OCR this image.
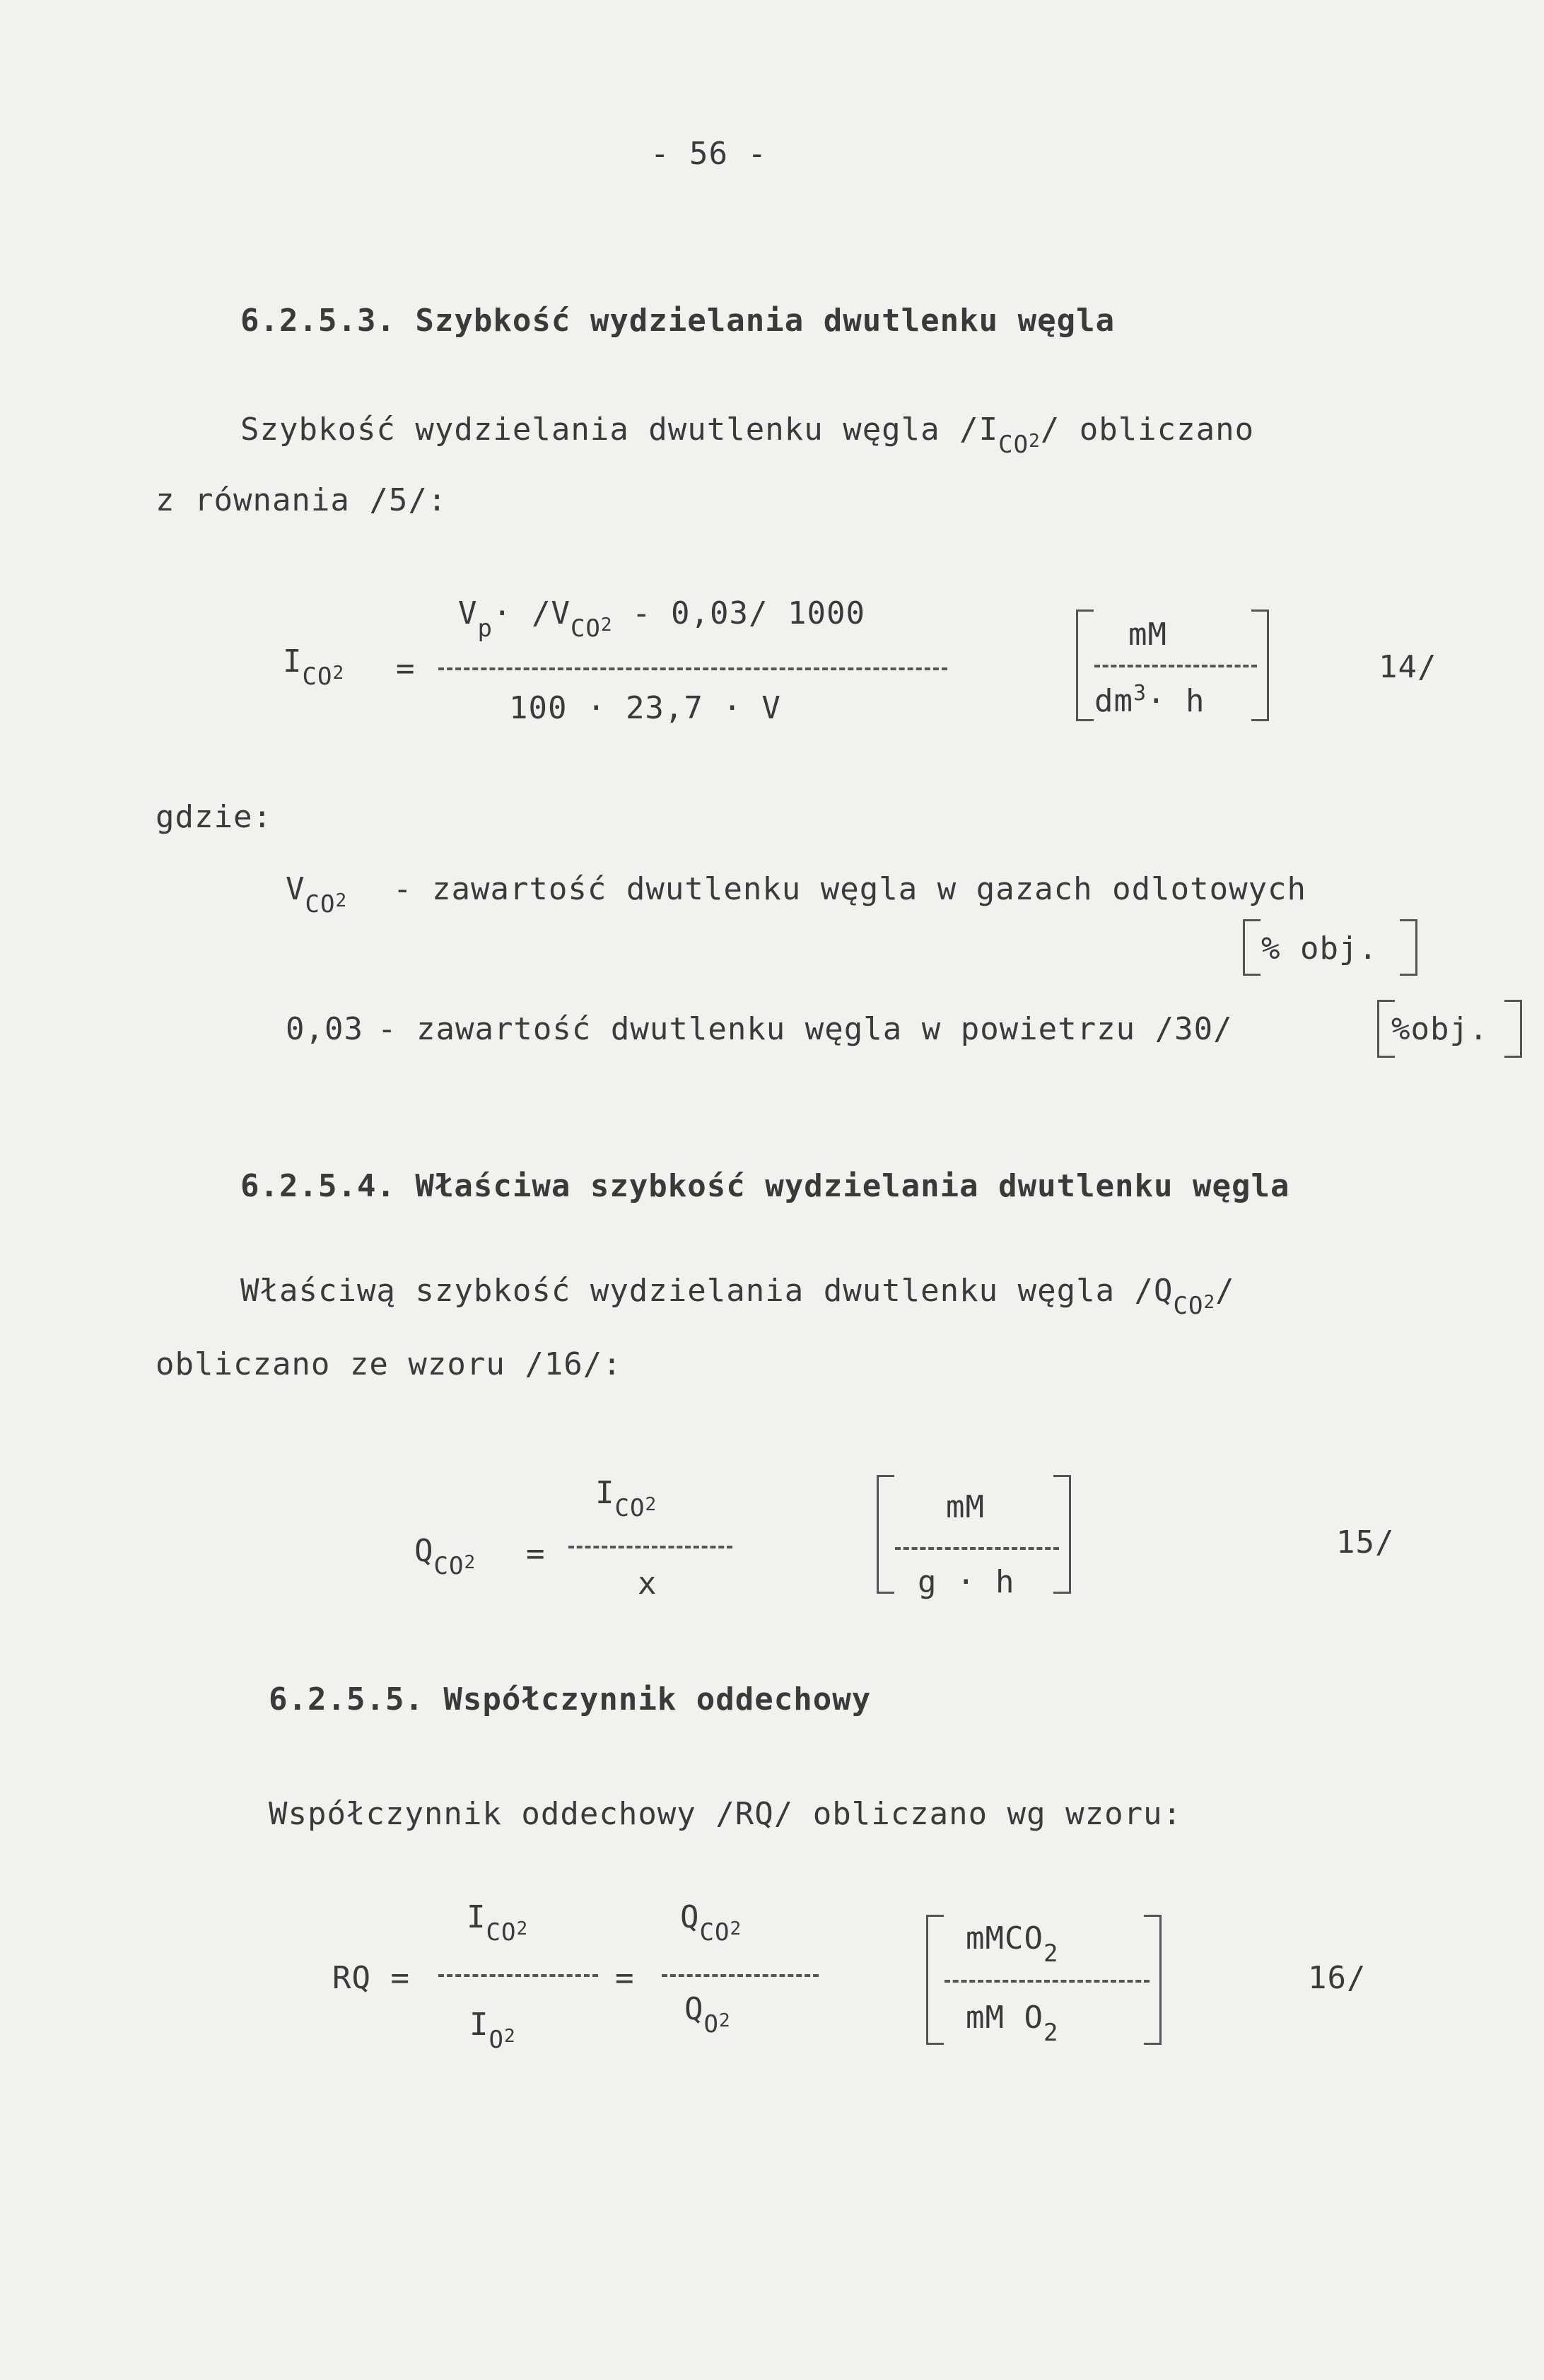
- 56 -
6.2.5.3. Szybkość wydzielania dwutlenku węgla
Szybkość wydzielania dwutlenku węgla $/I_{CO2}/$ obliczano
z równania /5/:
$I_{CO2}$ =
$V_p\cdot /V_{CO2} - 0,03/$ 1000
100 · 23,7 · V
mM
$dm^3\cdot h$
14/
gdzie:
$V_{CO2}$ - zawartość dwutlenku węgla w gazach odlotowych
% obj.
0,03 - zawartość dwutlenku węgla w powietrzu /30/	%obj.
6.2.5.4. Właściwa szybkość wydzielania dwutlenku węgla
Właściwą szybkość wydzielania dwutlenku węgla $/Q_{CO2}/$
obliczano ze wzoru /16/:
$Q_{CO2}$ =
$I_{CO2}$
x
mM
g · h
15/
6.2.5.5. Współczynnik oddechowy
Współczynnik oddechowy /RQ/ obliczano wg wzoru:
RQ =
$I_{CO2}$
$I_{O2}$
=
$Q_{CO2}$
$Q_{O2}$
mMCO$_2$
mM $O_2$
16/
